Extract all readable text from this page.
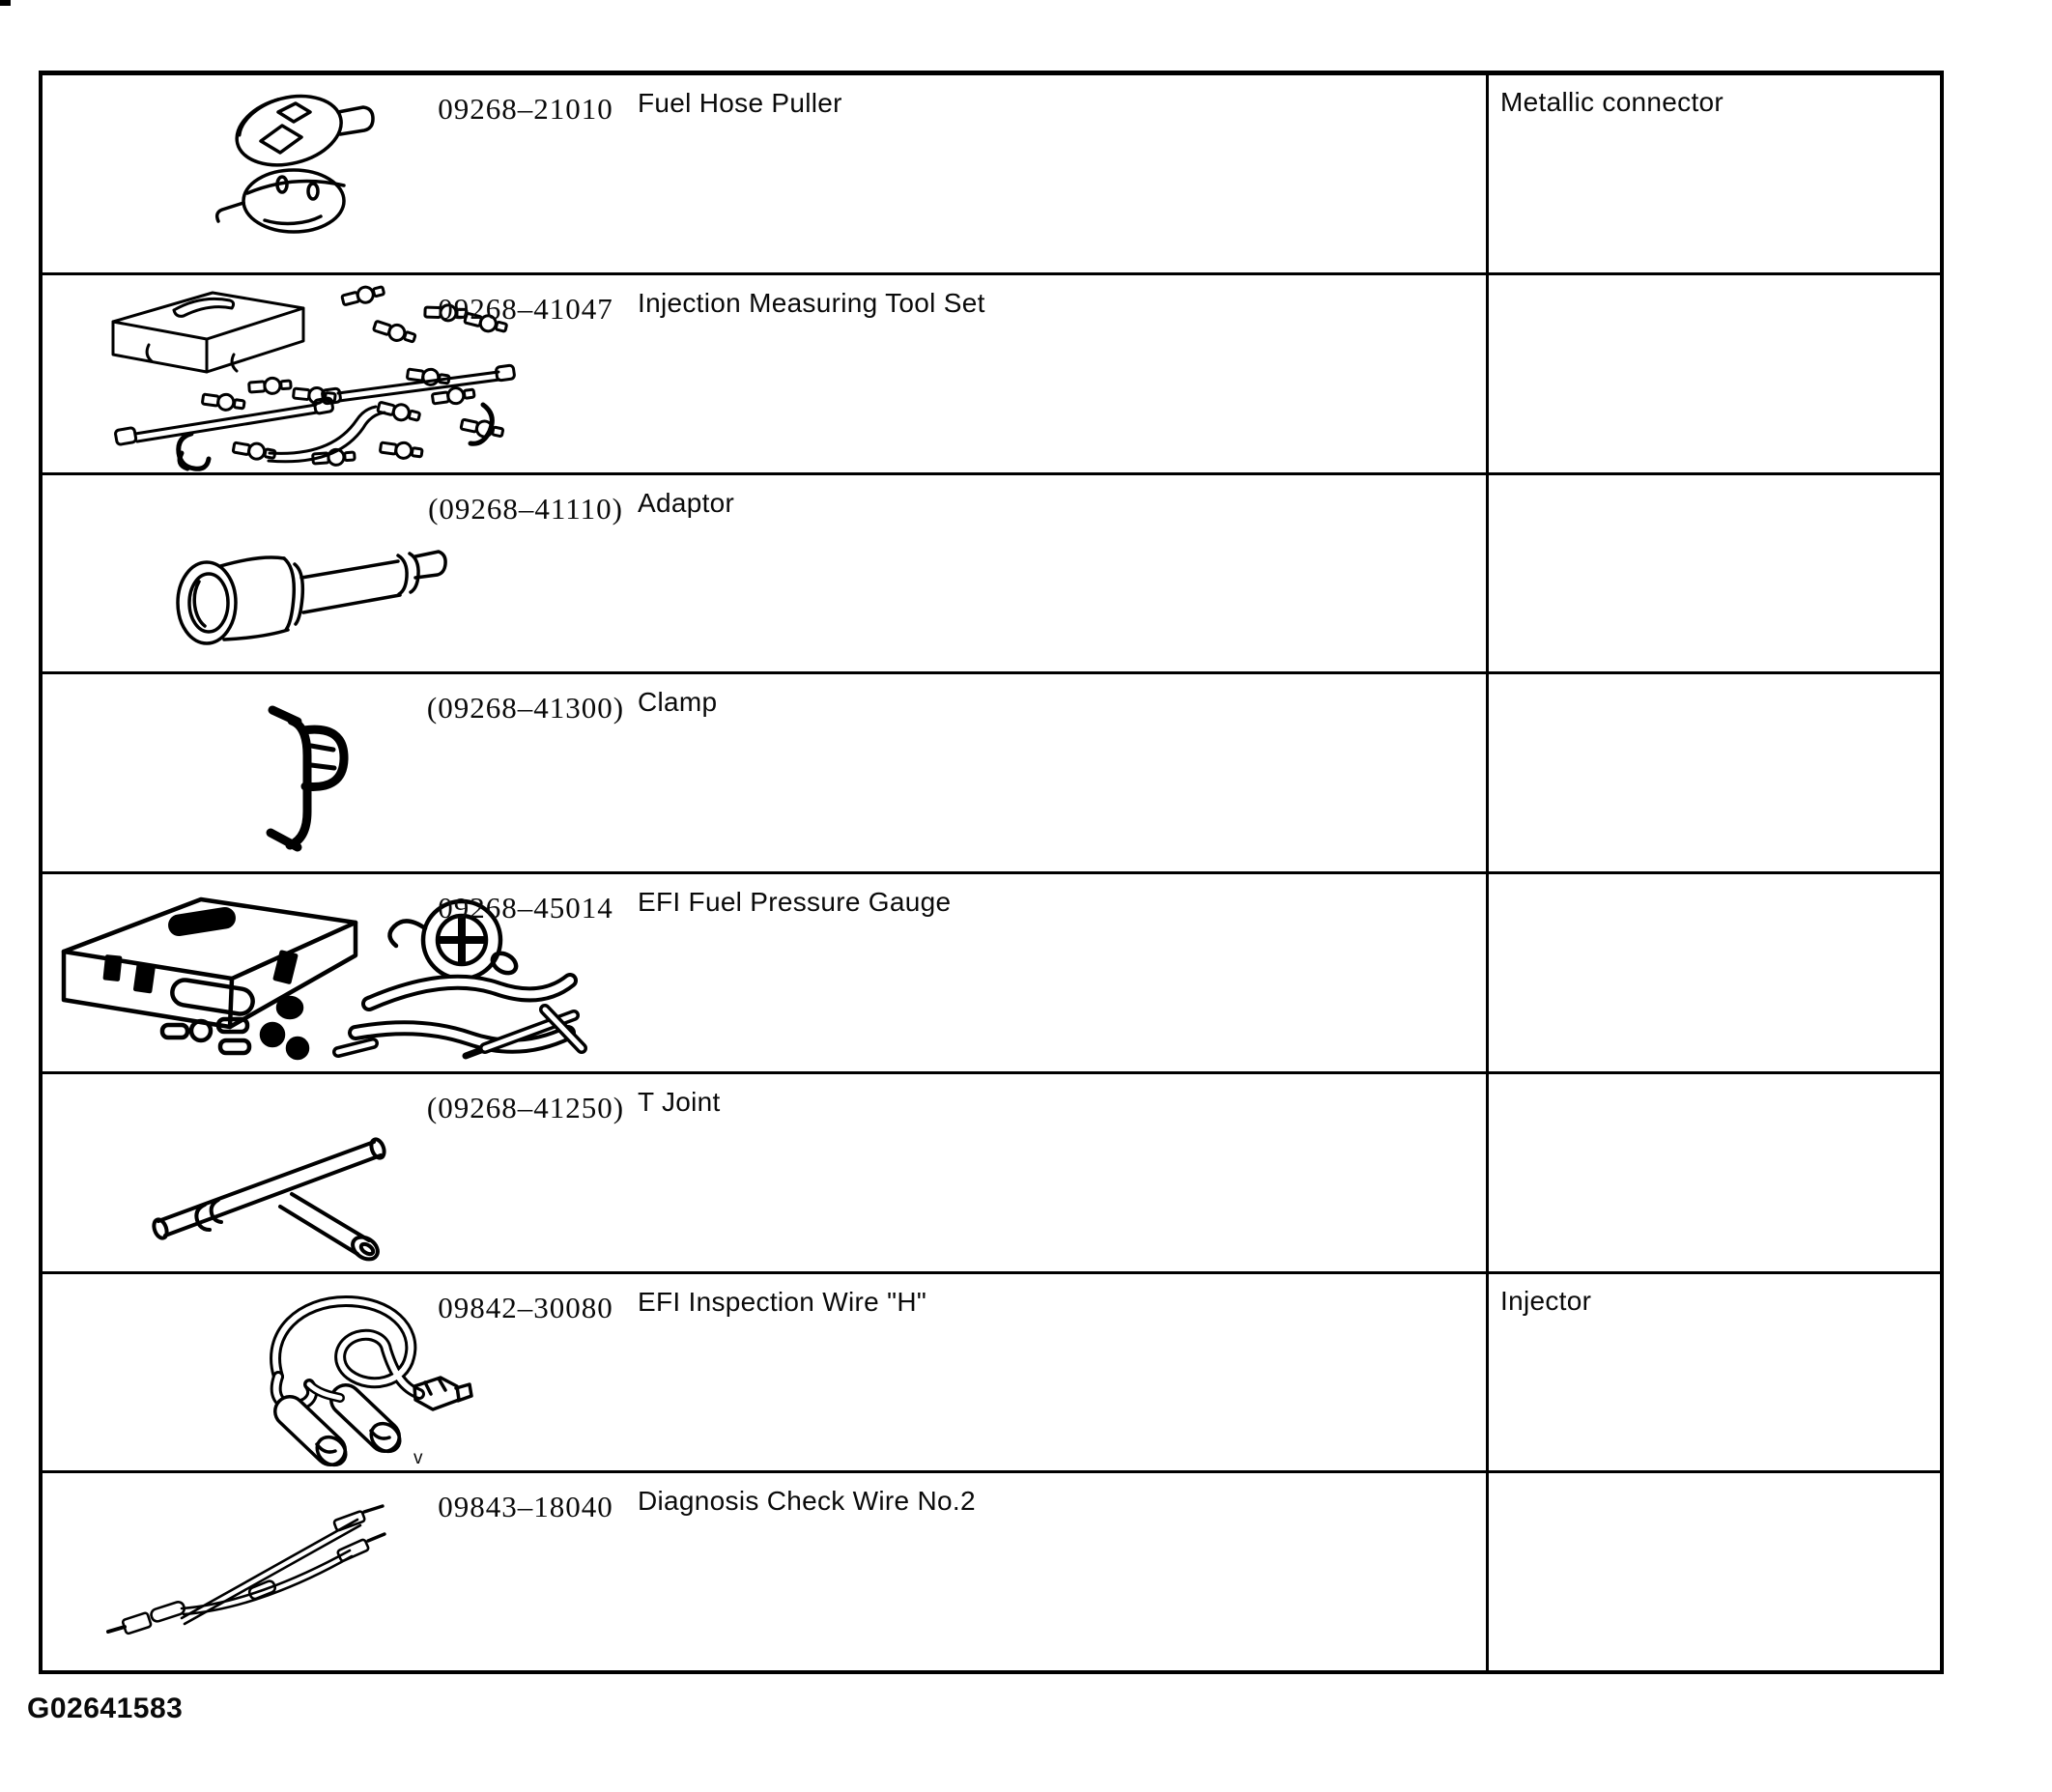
09268–21010 Fuel Hose Puller	Metallic connector
09268–41047 Injection Measuring Tool Set
(09268–41110) Adaptor
(09268–41300) Clamp
09268–45014 EFI Fuel Pressure Gauge
(09268–41250) T Joint
09842–30080 EFI Inspection Wire "H"
v
Injector
09843–18040 Diagnosis Check Wire No.2
G02641583
